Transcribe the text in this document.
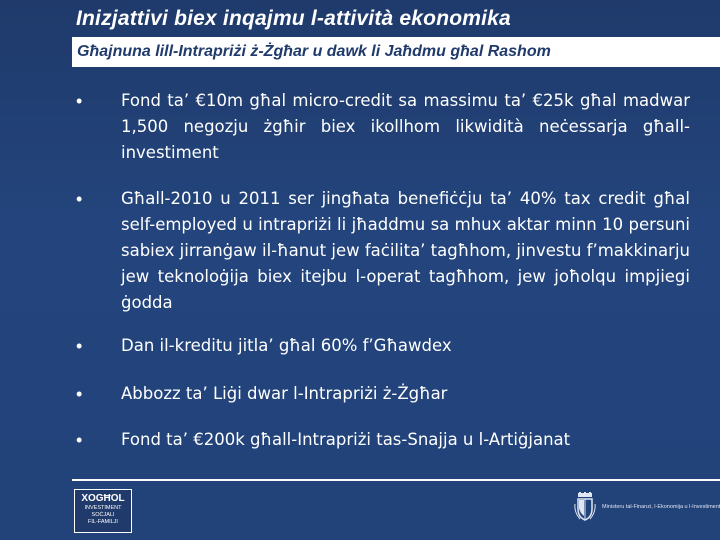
Inizjattivi biex inqajmu l-attività ekonomika
Għajnuna lill-Intrapriżi ż-Żgħar u dawk li Jaħdmu għal Rashom
•	Fond ta’ €10m għal micro-credit sa massimu ta’ €25k għal madwar 1,500 negozju żgħir biex ikollhom likwidità neċessarja għall-investiment
•	Għall-2010 u 2011 ser jingħata benefiċċju ta’ 40% tax credit għal self-employed u intrapriżi li jħaddmu sa mhux aktar minn 10 persuni sabiex jirranġaw il-ħanut jew faċilita’ tagħhom, jinvestu f’makkinarju jew teknoloġija biex itejbu l-operat tagħhom, jew joħolqu impjiegi ġodda
•	Dan il-kreditu jitla’ għal 60% f’Għawdex
•	Abbozz ta’ Liġi dwar l-Intrapriżi ż-Żgħar
•	Fond ta’ €200k għall-Intrapriżi tas-Snajja u l-Artiġjanat
XOGĦOL
INVESTIMENT SOĊJALI
FIL-FAMILJI
Ministeru tal-Finanzi, l-Ekonomija u l-Investiment
